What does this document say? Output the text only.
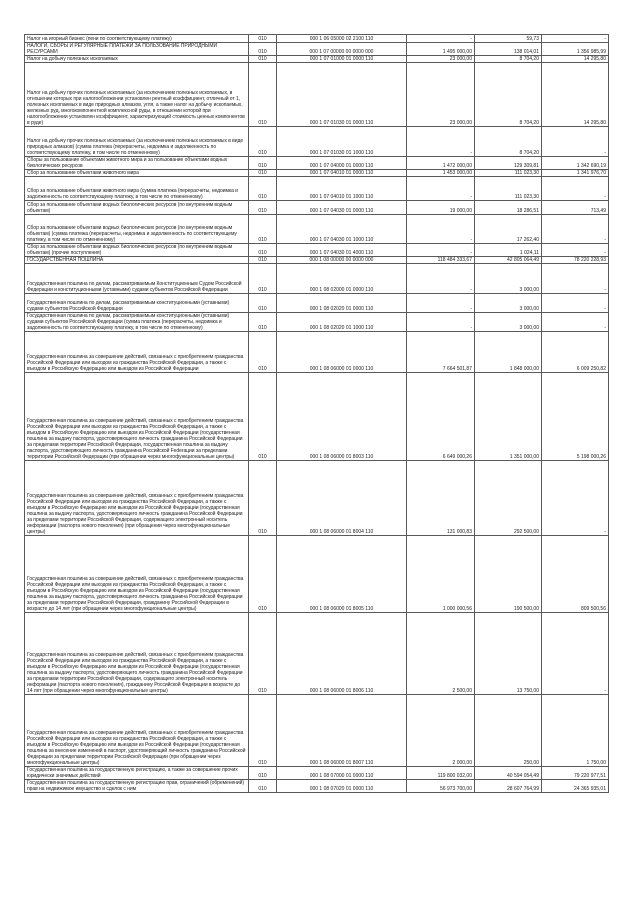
Налог на игорный бизнес (пени по соответствующему платежу)	010	000 1 06 05000 02 2100 110	-	59,73	-
НАЛОГИ, СБОРЫ И РЕГУЛЯРНЫЕ ПЛАТЕЖИ ЗА ПОЛЬЗОВАНИЕ ПРИРОДНЫМИ РЕСУРСАМИ	010	000 1 07 00000 00 0000 000	1 495 000,00	138 014,01	1 356 985,99
Налог на добычу полезных ископаемых	010	000 1 07 01000 01 0000 110	23 000,00	8 704,20	14 295,80
Налог на добычу прочих полезных ископаемых (за исключением полезных ископаемых, в отношении которых при налогообложении установлен рентный коэффициент, отличный от 1, полезных ископаемых в виде природных алмазов, угля, а также налог на добычу ископаемых, железных руд, многокомпонентной комплексной руды, в отношении которой при налогообложении установлен коэффициент, характеризующий стоимость ценных компонентов в руде)	010	000 1 07 01030 01 0000 110	23 000,00	8 704,20	14 295,80
Налог на добычу прочих полезных ископаемых (за исключением полезных ископаемых в виде природных алмазов) (сумма платежа (перерасчеты, недоимка и задолженность по соответствующему платежу, в том числе по отмененному)	010	000 1 07 01030 01 1000 110	-	8 704,20	-
Сборы за пользование объектами животного мира и за пользование объектами водных биологических ресурсов	010	000 1 07 04000 01 0000 110	1 472 000,00	129 309,81	1 342 690,19
Сбор за пользование объектами животного мира	010	000 1 07 04010 01 0000 110	1 453 000,00	111 023,30	1 341 976,70
Сбор за пользование объектами животного мира (сумма платежа (перерасчеты, недоимка и задолженность по соответствующему платежу, в том числе по отмененному)	010	000 1 07 04010 01 1000 110	-	111 023,30	-
Сбор за пользование объектами водных биологических ресурсов (по внутренним водным объектам)	010	000 1 07 04030 01 0000 110	19 000,00	18 286,51	713,49
Сбор за пользование объектами водных биологических ресурсов (по внутренним водным объектам) (сумма платежа (перерасчеты, недоимка и задолженность по соответствующему платежу, в том числе по отмененному)	010	000 1 07 04030 01 1000 110	-	17 262,40	-
Сбор за пользование объектами водных биологических ресурсов (по внутренним водным объектам) (прочие поступления)	010	000 1 07 04030 01 4000 110	-	1 024,11	-
ГОСУДАРСТВЕННАЯ ПОШЛИНА	010	000 1 08 00000 00 0000 000	118 484 333,67	42 805 064,49	78 220 228,93
Государственная пошлина по делам, рассматриваемым Конституционным Судом Российской Федерации и конституционными (уставными) судами субъектов Российской Федерации	010	000 1 08 02000 01 0000 110	-	3 000,00	-
Государственная пошлина по делам, рассматриваемым конституционными (уставными) судами субъектов Российской Федерации	010	000 1 08 02020 01 0000 110	-	3 000,00	-
Государственная пошлина по делам, рассматриваемым конституционными (уставными) судами субъектов Российской Федерации (сумма платежа (перерасчеты, недоимка и задолженность по соответствующему платежу, в том числе по отмененному)	010	000 1 08 02020 01 1000 110	-	3 000,00	-
Государственная пошлина за совершение действий, связанных с приобретением гражданства Российской Федерации или выходом из гражданства Российской Федерации, а также с въездом в Российскую Федерацию или выездом из Российской Федерации	010	000 1 08 06000 01 0000 110	7 664 501,87	1 848 000,00	6 009 250,82
Государственная пошлина за совершение действий, связанных с приобретением гражданства Российской Федерации или выходом из гражданства Российской Федерации, а также с въездом в Российскую Федерацию или выездом из Российской Федерации (государственная пошлина за выдачу паспорта, удостоверяющего личность гражданина Российской Федерации за пределами территории Российской Федерации, государственная пошлина за выдачу паспорта, удостоверяющего личность гражданина Российской Federации за пределами территории Российской Федерации (при обращении через многофункциональные центры)	010	000 1 08 06000 01 8003 110	6 649 000,26	1 351 000,00	5 198 000,26
Государственная пошлина за совершение действий, связанных с приобретением гражданства Российской Федерации или выходом из гражданства Российской Федерации, а также с въездом в Российскую Федерацию или выездом из Российской Федерации (государственная пошлина за выдачу паспорта, удостоверяющего личность гражданина Российской Федерации за пределами территории Российской Федерации, содержащего электронный носитель информации (паспорта нового поколения) (при обращении через многофункциональные центры)	010	000 1 08 06000 01 8004 110	131 000,83	292 500,00	-
Государственная пошлина за совершение действий, связанных с приобретением гражданства Российской Федерации или выходом из гражданства Российской Федерации, а также с въездом в Российскую Федерацию или выездом из Российской Федерации (государственная пошлина за выдачу паспорта, удостоверяющего личность гражданина Российской Федерации за пределами территории Российской Федерации, гражданину Российской Федерации в возрасте до 14 лет (при обращении через многофункциональные центры)	010	000 1 08 06000 01 8005 110	1 000 000,56	190 500,00	809 500,56
Государственная пошлина за совершение действий, связанных с приобретением гражданства Российской Федерации или выходом из гражданства Российской Федерации, а также с въездом в Российскую Федерацию или выездом из Российской Федерации (государственная пошлина за выдачу паспорта, удостоверяющего личность гражданина Российской Федерации за пределами территории Российской Федерации, содержащего электронный носитель информации (паспорта нового поколения), гражданину Российской Федерации в возрасте до 14 лет (при обращении через многофункциональные центры)	010	000 1 08 06000 01 8006 110	2 500,00	13 750,00	-
Государственная пошлина за совершение действий, связанных с приобретением гражданства Российской Федерации или выходом из гражданства Российской Федерации, а также с въездом в Российскую Федерацию или выездом из Российской Федерации (государственная пошлина за внесение изменений в паспорт, удостоверяющий личность гражданина Российской Федерации за пределами территории Российской Федерации (при обращении через многофункциональные центры)	010	000 1 08 06000 01 8007 110	2 000,00	250,00	1 750,00
Государственная пошлина за государственную регистрацию, а также за совершение прочих юридически значимых действий	010	000 1 08 07000 01 0000 110	119 800 032,00	40 594 054,49	79 220 977,51
Государственная пошлина за государственную регистрацию прав, ограничений (обременений) прав на недвижимое имущество и сделок с ним	010	000 1 08 07020 01 0000 110	56 973 700,00	28 607 764,99	24 365 935,01
